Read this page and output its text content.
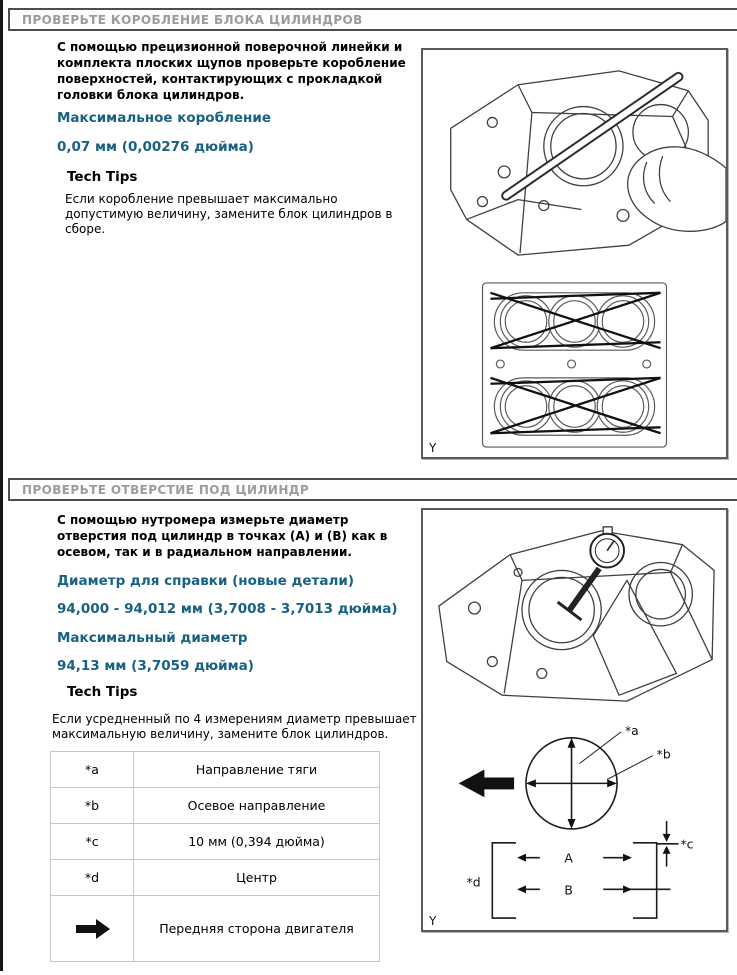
ПРОВЕРЬТЕ КОРОБЛЕНИЕ БЛОКА ЦИЛИНДРОВ

С помощью прецизионной поверочной линейки и комплекта плоских щупов проверьте коробление поверхностей, контактирующих с прокладкой головки блока цилиндров.

Максимальное коробление

0,07 мм (0,00276 дюйма)

Tech Tips

Если коробление превышает максимально допустимую величину, замените блок цилиндров в сборе.

Y
ПРОВЕРЬТЕ ОТВЕРСТИЕ ПОД ЦИЛИНДР

С помощью нутромера измерьте диаметр отверстия под цилиндр в точках (А) и (В) как в осевом, так и в радиальном направлении.

Диаметр для справки (новые детали)

94,000 - 94,012 мм (3,7008 - 3,7013 дюйма)

Максимальный диаметр

94,13 мм (3,7059 дюйма)

Tech Tips

Если усредненный по 4 измерениям диаметр превышает максимальную величину, замените блок цилиндров.

*a	Направление тяги
*b	Осевое направление
*c	10 мм (0,394 дюйма)
*d	Центр

	Передняя сторона двигателя
*a
*b
*c
*d
A
B
Y
